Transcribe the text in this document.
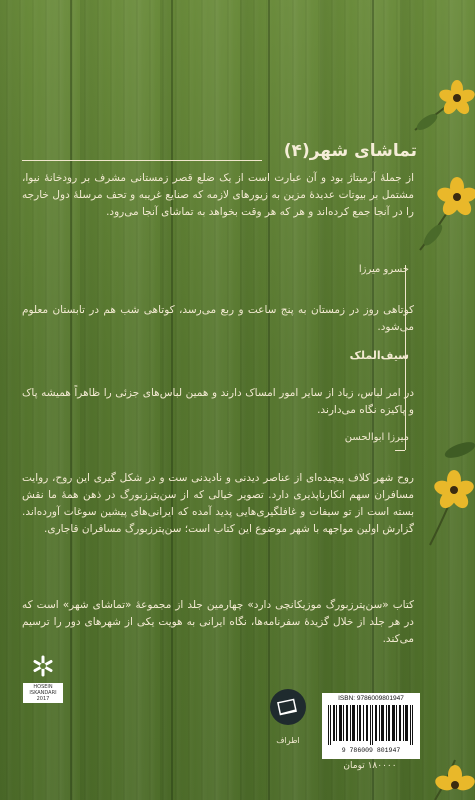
تماشای شهر(۴)
از جملهٔ آرمیتاژ بود و آن عبارت است از یک ضلع قصر زمستانی مشرف بر رودخانهٔ نیوا، مشتمل بر بیوتات عدیدهٔ مزین به زیورهای لازمه که صنایع غریبه و تحف مرسلهٔ دول خارجه را در آنجا جمع کرده‌اند و هر که هر وقت بخواهد به تماشای آنجا می‌رود.
خسرو میرزا
کوتاهی روز در زمستان به پنج ساعت و ربع می‌رسد، کوتاهی شب هم در تابستان معلوم می‌شود.
سیف‌الملک
در امر لباس، زیاد از سایر امور امساک دارند و همین لباس‌های جزئی را ظاهراً همیشه پاک و پاکیزه نگاه می‌دارند.
میرزا ابوالحسن
روح شهر کلاف پیچیده‌ای از عناصر دیدنی و نادیدنی ست و در شکل گیری این روح، روایت مسافران سهم انکارناپذیری دارد. تصویر خیالی که از سن‌پترزبورگ در ذهن‌ همهٔ ما نقش بسته است از تو سیفات و غافلگیری‌هایی پدید آمده که ایرانی‌های پیشین سوغات آورده‌اند. گزارش اولین مواجهه با شهر موضوع این کتاب است؛ سن‌پترزبورگ مسافران قاجاری.
کتاب «سن‌پترزبورگ موزیکانچی دارد» چهارمین جلد از مجموعهٔ «تماشای شهر» است که در هر جلد از خلال گزیدهٔ سفرنامه‌ها، نگاه ایرانی به هویت یکی از شهرهای دور را ترسیم می‌کند.
HOSEIN ISKANDARI 2017
اطراف
ISBN: 9786009801947
9 786009 801947
۱۸۰۰۰۰ تومان
